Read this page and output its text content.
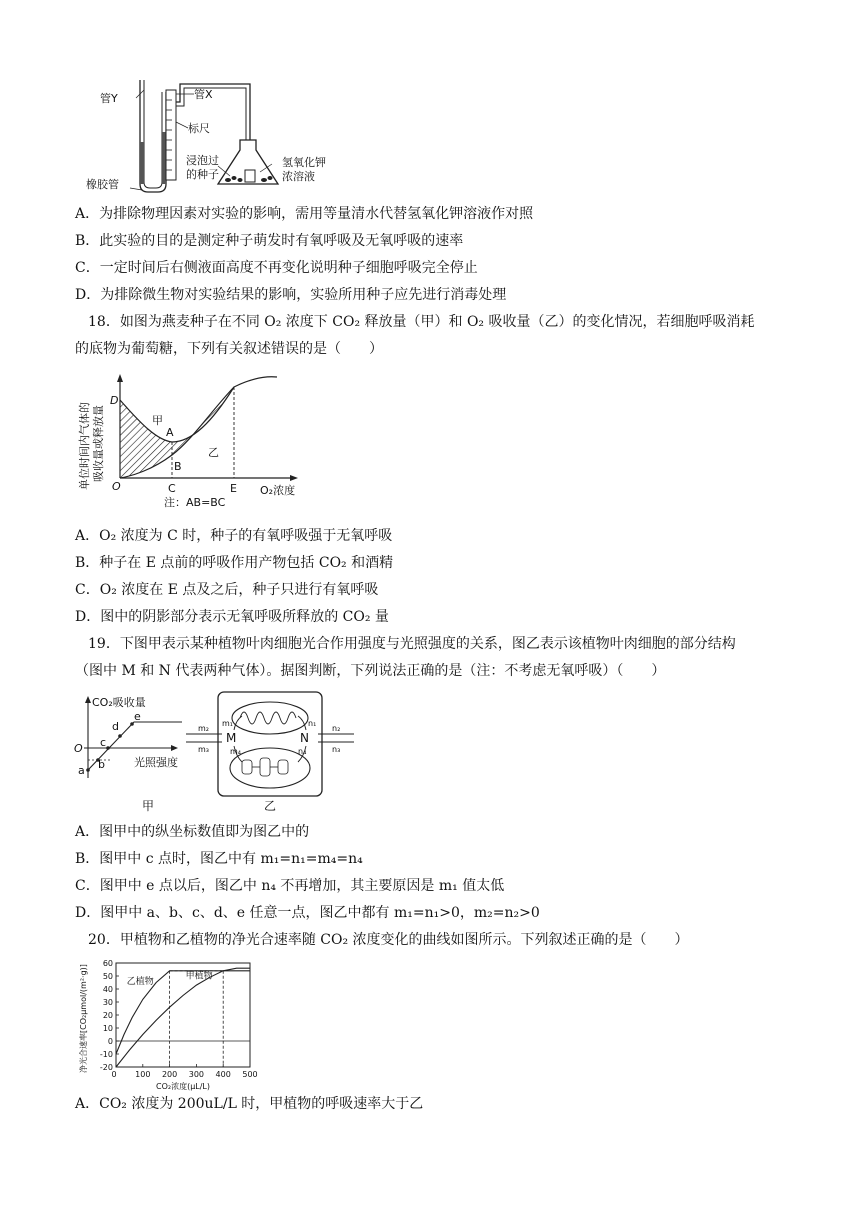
管Y	管X
标尺
浸泡过
的种子
氢氧化钾
浓溶液
橡胶管
A．为排除物理因素对实验的影响，需用等量清水代替氢氧化钾溶液作对照
B．此实验的目的是测定种子萌发时有氧呼吸及无氧呼吸的速率
C．一定时间后右侧液面高度不再变化说明种子细胞呼吸完全停止
D．为排除微生物对实验结果的影响，实验所用种子应先进行消毒处理
18．如图为燕麦种子在不同 O₂ 浓度下 CO₂ 释放量（甲）和 O₂ 吸收量（乙）的变化情况，若细胞呼吸消耗
的底物为葡萄糖，下列有关叙述错误的是（　　）
单位时间内气体的 吸收量或释放量
D
甲
A
B
乙
O	C	E O₂浓度
注：AB=BC
A．O₂ 浓度为 C 时，种子的有氧呼吸强于无氧呼吸
B．种子在 E 点前的呼吸作用产物包括 CO₂ 和酒精
C．O₂ 浓度在 E 点及之后，种子只进行有氧呼吸
D．图中的阴影部分表示无氧呼吸所释放的 CO₂ 量
19．下图甲表示某种植物叶肉细胞光合作用强度与光照强度的关系，图乙表示该植物叶肉细胞的部分结构
（图中 M 和 N 代表两种气体）。据图判断，下列说法正确的是（注：不考虑无氧呼吸）（　　）
CO₂吸收量
O
a b
c
d
e
光照强度
甲
M	N
m₁
m₂
m₃	m₄
n₁
n₂
n₃
n₄
乙
A．图甲中的纵坐标数值即为图乙中的
B．图甲中 c 点时，图乙中有 m₁=n₁=m₄=n₄
C．图甲中 e 点以后，图乙中 n₄ 不再增加，其主要原因是 m₁ 值太低
D．图甲中 a、b、c、d、e 任意一点，图乙中都有 m₁=n₁>0，m₂=n₂>0
20．甲植物和乙植物的净光合速率随 CO₂ 浓度变化的曲线如图所示。下列叙述正确的是（　　）
60
50
40
30
20
10
0
-10
-20
0 100 200 300 400 500
乙植物
甲植物
净光合速率[CO₂μmol/(m²·g)]
CO₂浓度(μL/L)
A．CO₂ 浓度为 200uL/L 时，甲植物的呼吸速率大于乙
